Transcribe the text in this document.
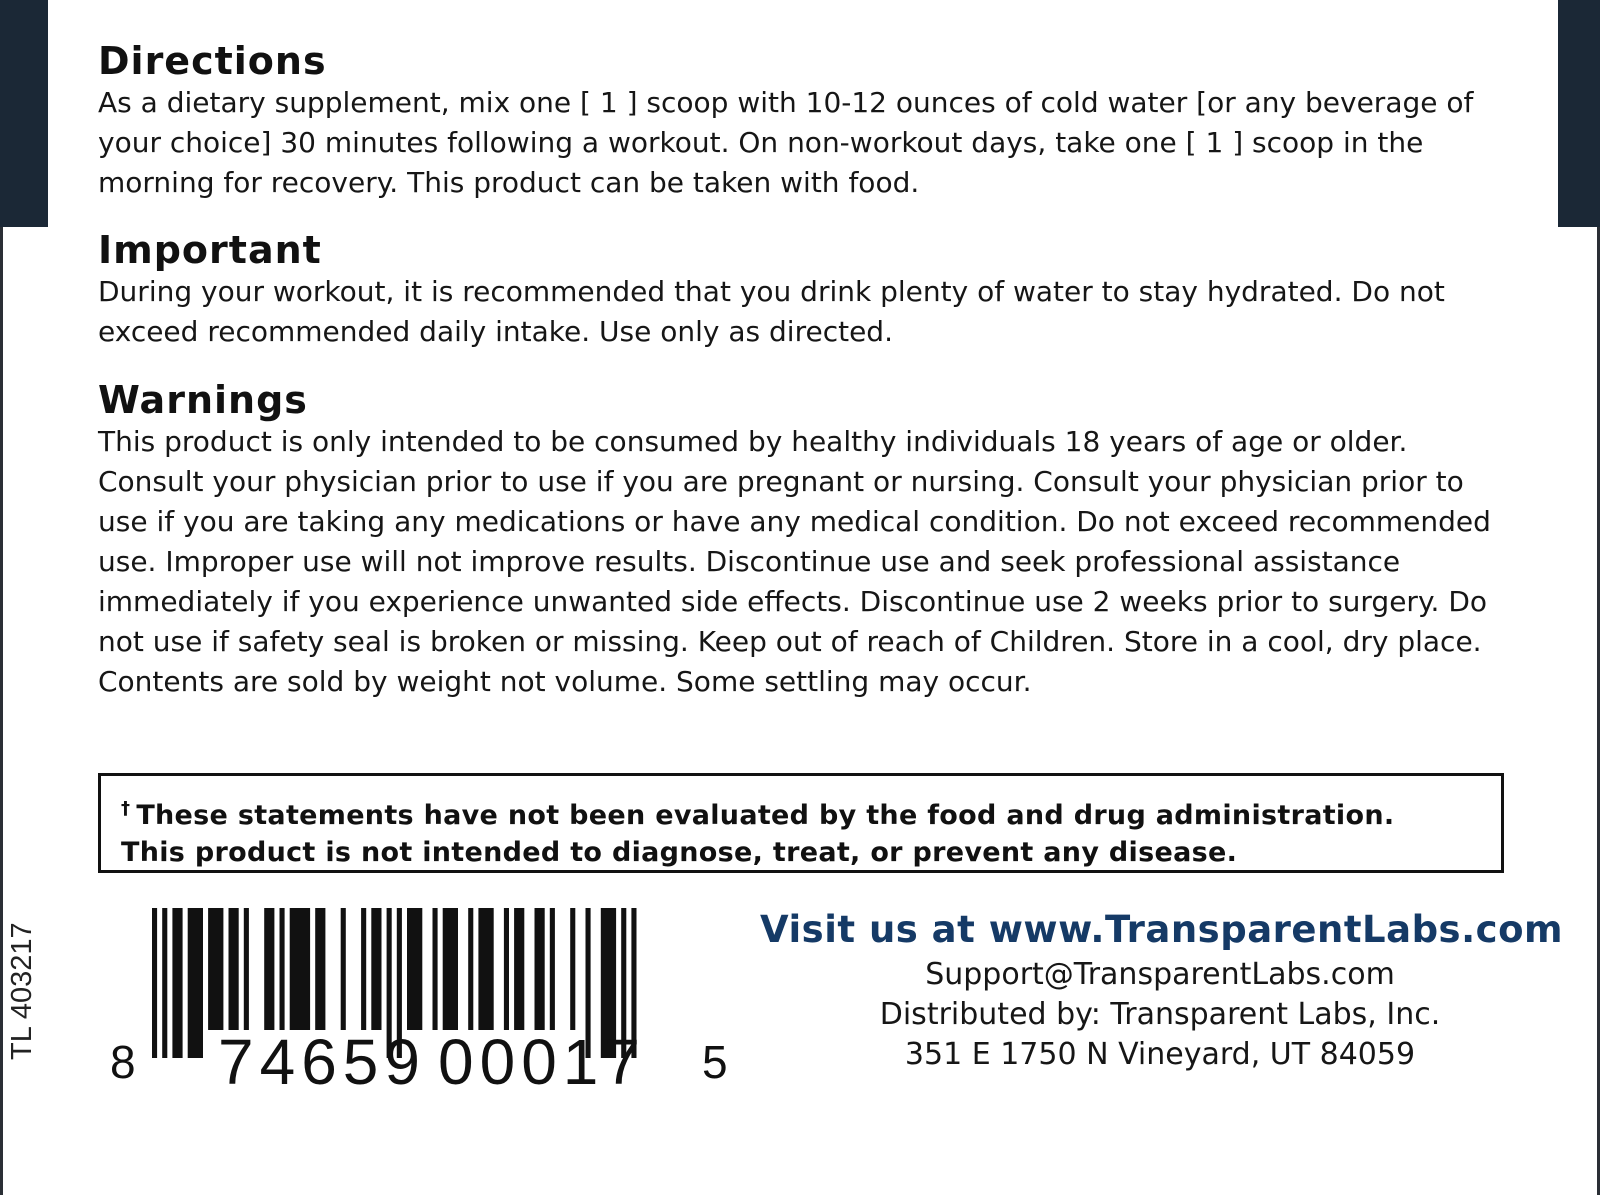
Directions

As a dietary supplement, mix one [ 1 ] scoop with 10-12 ounces of cold water [or any beverage of your choice] 30 minutes following a workout. On non-workout days, take one [ 1 ] scoop in the morning for recovery. This product can be taken with food.

Important

During your workout, it is recommended that you drink plenty of water to stay hydrated. Do not exceed recommended daily intake. Use only as directed.

Warnings

This product is only intended to be consumed by healthy individuals 18 years of age or older. Consult your physician prior to use if you are pregnant or nursing. Consult your physician prior to use if you are taking any medications or have any medical condition. Do not exceed recommended use. Improper use will not improve results. Discontinue use and seek professional assistance immediately if you experience unwanted side effects. Discontinue use 2 weeks prior to surgery. Do not use if safety seal is broken or missing. Keep out of reach of Children. Store in a cool, dry place. Contents are sold by weight not volume. Some settling may occur.

† These statements have not been evaluated by the food and drug administration.

This product is not intended to diagnose, treat, or prevent any disease.

TL 403217
8 74659 00017 5

Visit us at www.TransparentLabs.com

Support@TransparentLabs.com

Distributed by: Transparent Labs, Inc.

351 E 1750 N Vineyard, UT 84059
